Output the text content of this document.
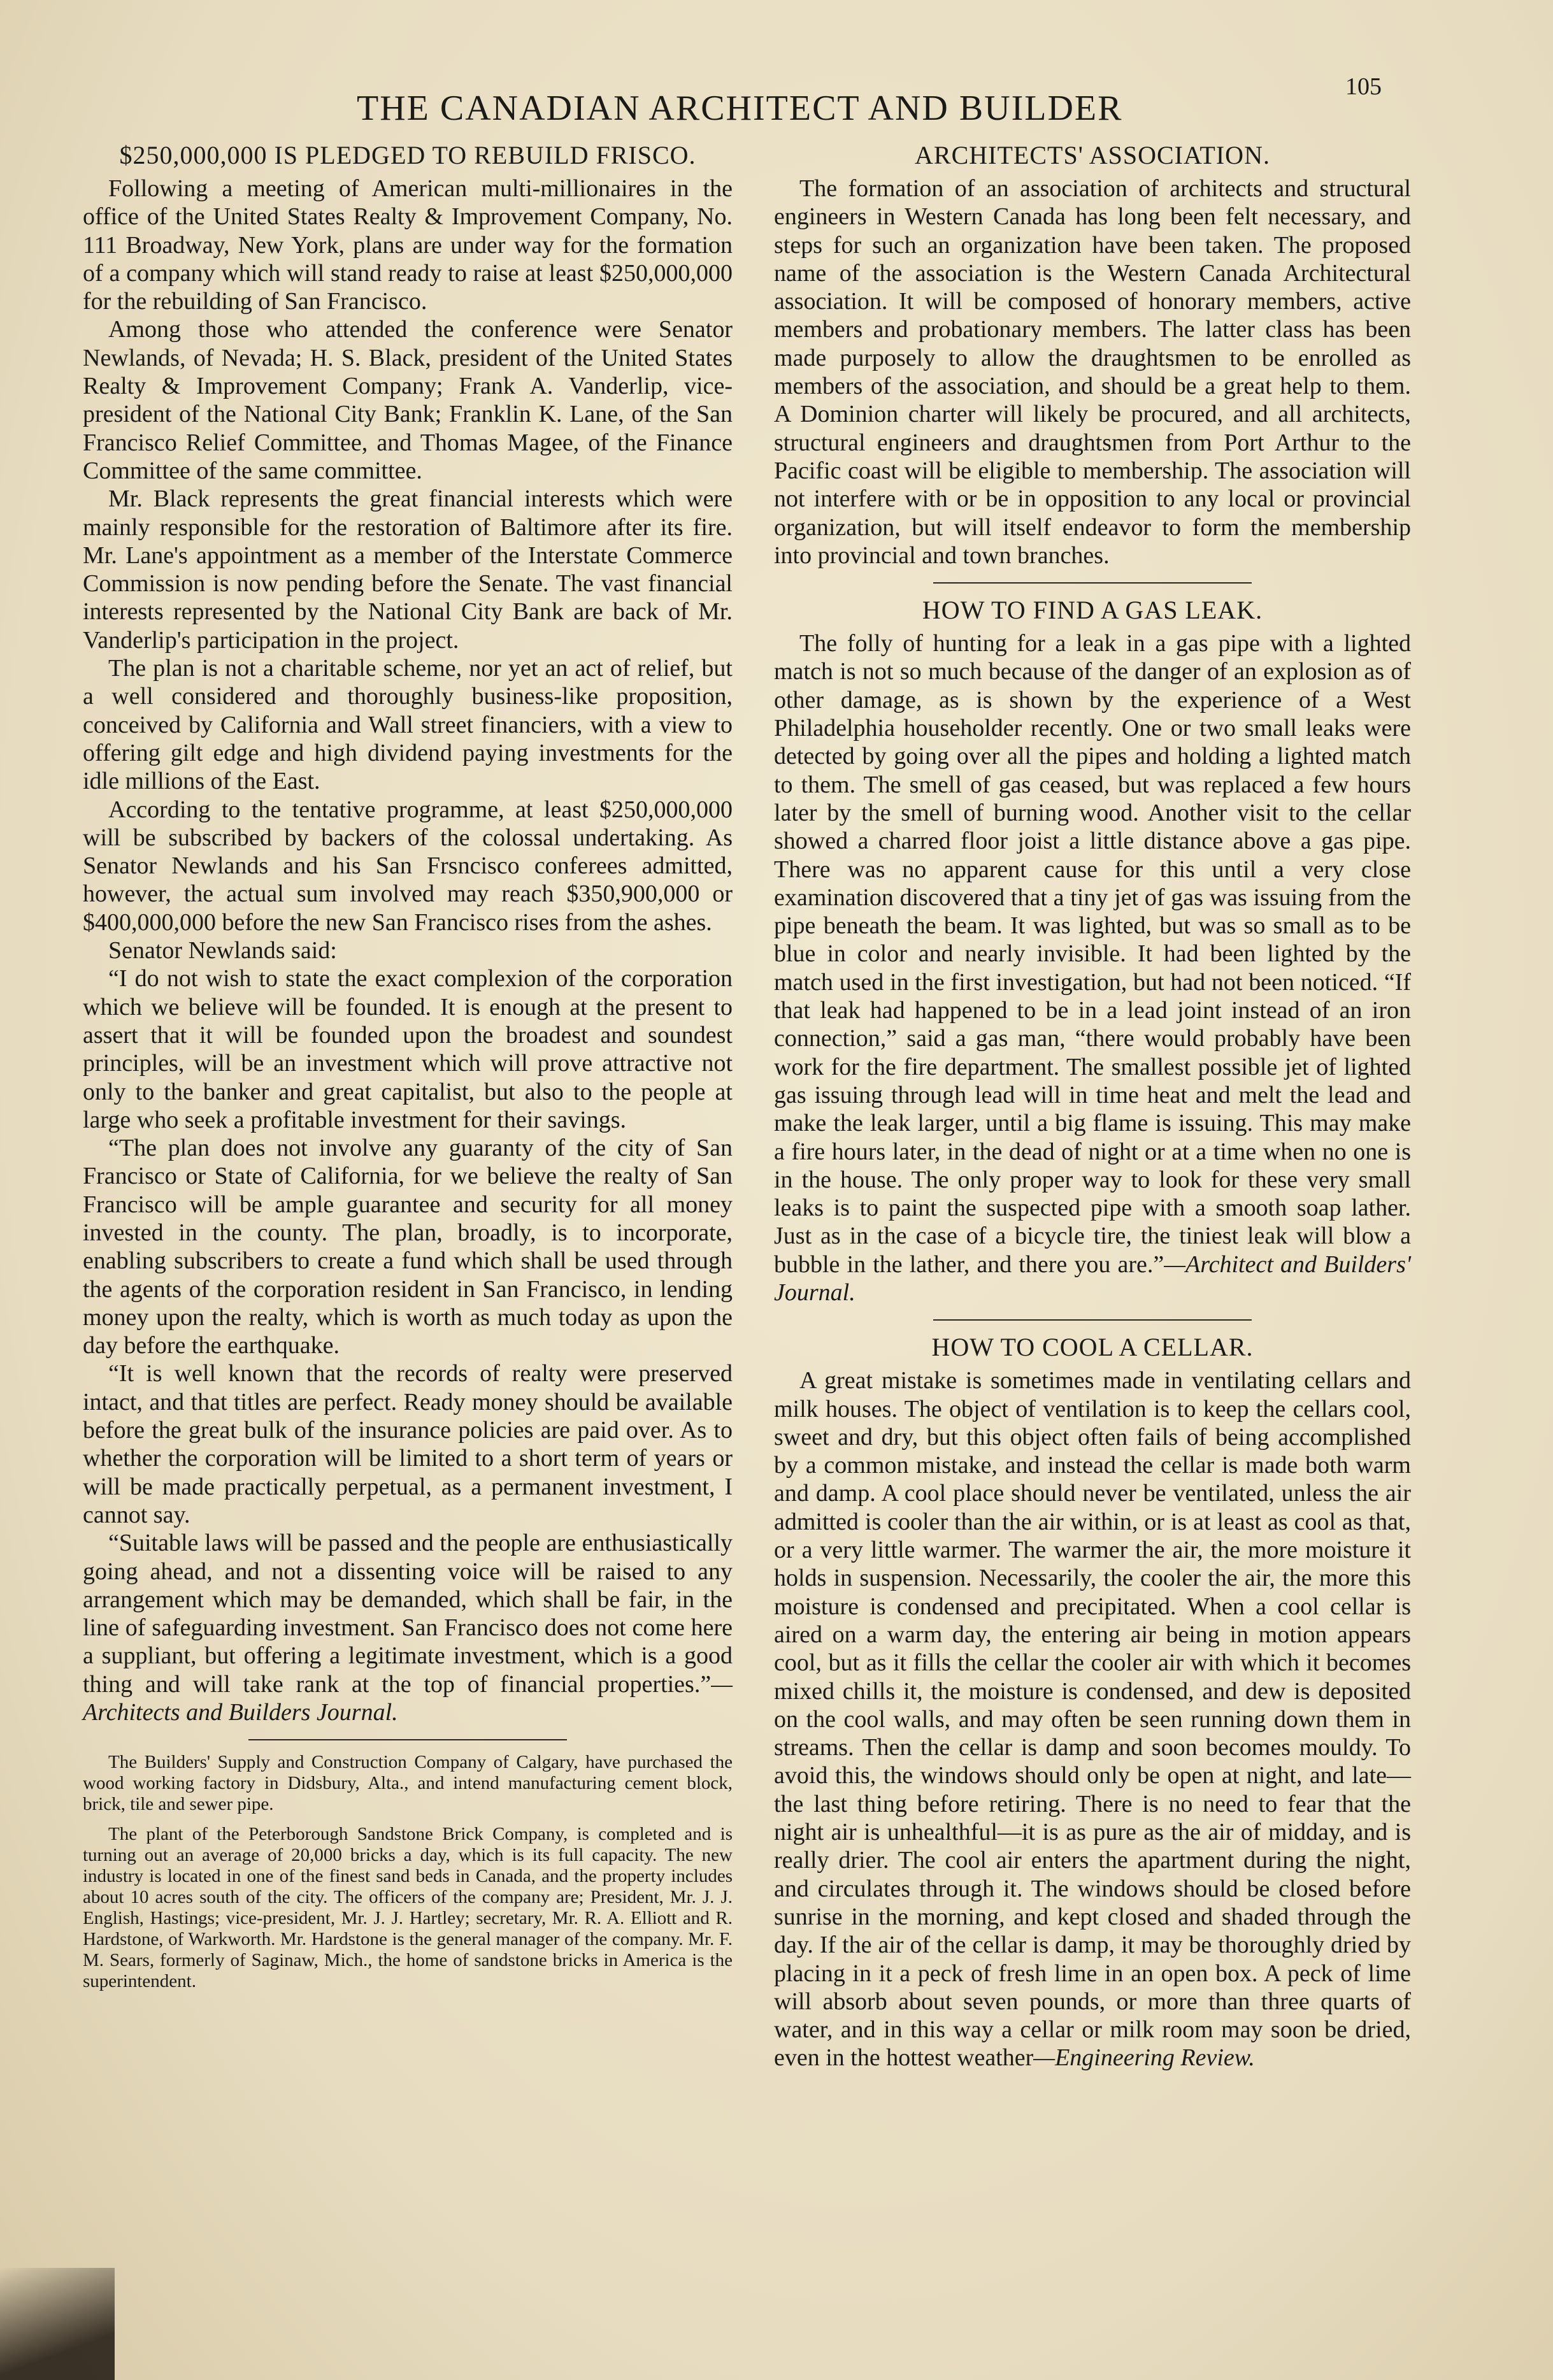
THE CANADIAN ARCHITECT AND BUILDER
105
$250,000,000 IS PLEDGED TO REBUILD FRISCO.

Following a meeting of American multi-millionaires in the office of the United States Realty & Improvement Company, No. 111 Broadway, New York, plans are under way for the formation of a company which will stand ready to raise at least $250,000,000 for the rebuilding of San Francisco.

Among those who attended the conference were Senator Newlands, of Nevada; H. S. Black, president of the United States Realty & Improvement Company; Frank A. Vanderlip, vice-president of the National City Bank; Franklin K. Lane, of the San Francisco Relief Committee, and Thomas Magee, of the Finance Committee of the same committee.

Mr. Black represents the great financial interests which were mainly responsible for the restoration of Baltimore after its fire. Mr. Lane's appointment as a member of the Interstate Commerce Commission is now pending before the Senate. The vast financial interests represented by the National City Bank are back of Mr. Vanderlip's participation in the project.

The plan is not a charitable scheme, nor yet an act of relief, but a well considered and thoroughly business-like proposition, conceived by California and Wall street financiers, with a view to offering gilt edge and high dividend paying investments for the idle millions of the East.

According to the tentative programme, at least $250,000,000 will be subscribed by backers of the colossal undertaking. As Senator Newlands and his San Frsncisco conferees admitted, however, the actual sum involved may reach $350,900,000 or $400,000,000 before the new San Francisco rises from the ashes.

Senator Newlands said:

“I do not wish to state the exact complexion of the corporation which we believe will be founded. It is enough at the present to assert that it will be founded upon the broadest and soundest principles, will be an investment which will prove attractive not only to the banker and great capitalist, but also to the people at large who seek a profitable investment for their savings.

“The plan does not involve any guaranty of the city of San Francisco or State of California, for we believe the realty of San Francisco will be ample guarantee and security for all money invested in the county. The plan, broadly, is to incorporate, enabling subscribers to create a fund which shall be used through the agents of the corporation resident in San Francisco, in lending money upon the realty, which is worth as much today as upon the day before the earthquake.

“It is well known that the records of realty were preserved intact, and that titles are perfect. Ready money should be available before the great bulk of the insurance policies are paid over. As to whether the corporation will be limited to a short term of years or will be made practically perpetual, as a permanent investment, I cannot say.

“Suitable laws will be passed and the people are enthusiastically going ahead, and not a dissenting voice will be raised to any arrangement which may be demanded, which shall be fair, in the line of safeguarding investment. San Francisco does not come here a suppliant, but offering a legitimate investment, which is a good thing and will take rank at the top of financial properties.”—Architects and Builders Journal.

The Builders' Supply and Construction Company of Calgary, have purchased the wood working factory in Didsbury, Alta., and intend manufacturing cement block, brick, tile and sewer pipe.

The plant of the Peterborough Sandstone Brick Company, is completed and is turning out an average of 20,000 bricks a day, which is its full capacity. The new industry is located in one of the finest sand beds in Canada, and the property includes about 10 acres south of the city. The officers of the company are; President, Mr. J. J. English, Hastings; vice-president, Mr. J. J. Hartley; secretary, Mr. R. A. Elliott and R. Hardstone, of Warkworth. Mr. Hardstone is the general manager of the company. Mr. F. M. Sears, formerly of Saginaw, Mich., the home of sandstone bricks in America is the superintendent.

ARCHITECTS' ASSOCIATION.

The formation of an association of architects and structural engineers in Western Canada has long been felt necessary, and steps for such an organization have been taken. The proposed name of the association is the Western Canada Architectural association. It will be composed of honorary members, active members and probationary members. The latter class has been made purposely to allow the draughtsmen to be enrolled as members of the association, and should be a great help to them. A Dominion charter will likely be procured, and all architects, structural engineers and draughtsmen from Port Arthur to the Pacific coast will be eligible to membership. The association will not interfere with or be in opposition to any local or provincial organization, but will itself endeavor to form the membership into provincial and town branches.

HOW TO FIND A GAS LEAK.

The folly of hunting for a leak in a gas pipe with a lighted match is not so much because of the danger of an explosion as of other damage, as is shown by the experience of a West Philadelphia householder recently. One or two small leaks were detected by going over all the pipes and holding a lighted match to them. The smell of gas ceased, but was replaced a few hours later by the smell of burning wood. Another visit to the cellar showed a charred floor joist a little distance above a gas pipe. There was no apparent cause for this until a very close examination discovered that a tiny jet of gas was issuing from the pipe beneath the beam. It was lighted, but was so small as to be blue in color and nearly invisible. It had been lighted by the match used in the first investigation, but had not been noticed. “If that leak had happened to be in a lead joint instead of an iron connection,” said a gas man, “there would probably have been work for the fire department. The smallest possible jet of lighted gas issuing through lead will in time heat and melt the lead and make the leak larger, until a big flame is issuing. This may make a fire hours later, in the dead of night or at a time when no one is in the house. The only proper way to look for these very small leaks is to paint the suspected pipe with a smooth soap lather. Just as in the case of a bicycle tire, the tiniest leak will blow a bubble in the lather, and there you are.”—Architect and Builders' Journal.

HOW TO COOL A CELLAR.

A great mistake is sometimes made in ventilating cellars and milk houses. The object of ventilation is to keep the cellars cool, sweet and dry, but this object often fails of being accomplished by a common mistake, and instead the cellar is made both warm and damp. A cool place should never be ventilated, unless the air admitted is cooler than the air within, or is at least as cool as that, or a very little warmer. The warmer the air, the more moisture it holds in suspension. Necessarily, the cooler the air, the more this moisture is condensed and precipitated. When a cool cellar is aired on a warm day, the entering air being in motion appears cool, but as it fills the cellar the cooler air with which it becomes mixed chills it, the moisture is condensed, and dew is deposited on the cool walls, and may often be seen running down them in streams. Then the cellar is damp and soon becomes mouldy. To avoid this, the windows should only be open at night, and late—the last thing before retiring. There is no need to fear that the night air is unhealthful—it is as pure as the air of midday, and is really drier. The cool air enters the apartment during the night, and circulates through it. The windows should be closed before sunrise in the morning, and kept closed and shaded through the day. If the air of the cellar is damp, it may be thoroughly dried by placing in it a peck of fresh lime in an open box. A peck of lime will absorb about seven pounds, or more than three quarts of water, and in this way a cellar or milk room may soon be dried, even in the hottest weather—Engineering Review.
